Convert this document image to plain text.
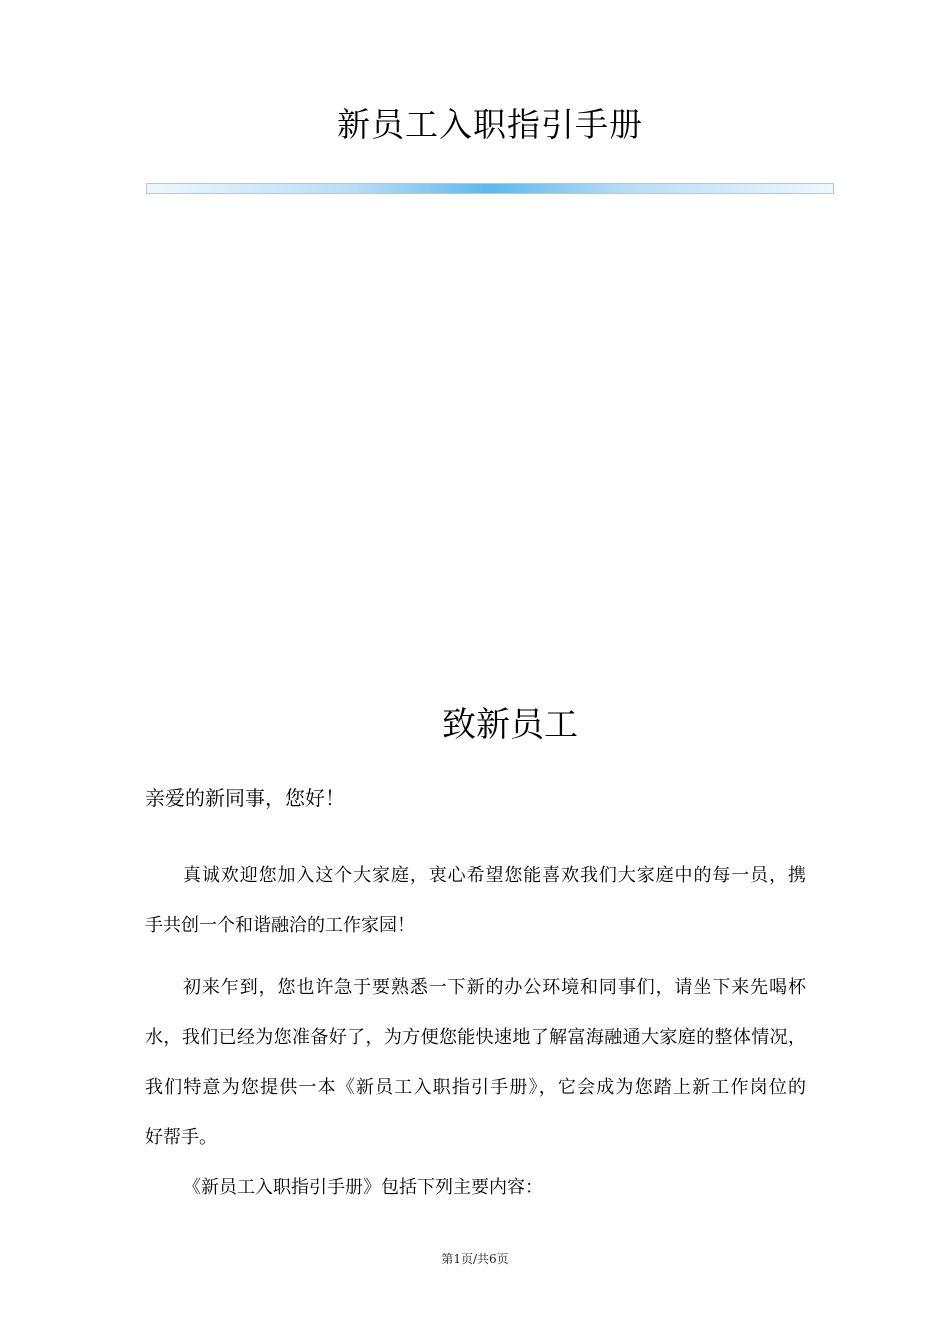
新员工入职指引手册
致新员工

亲爱的新同事，您好！

真诚欢迎您加入这个大家庭，衷心希望您能喜欢我们大家庭中的每一员，携

手共创一个和谐融洽的工作家园！

初来乍到，您也许急于要熟悉一下新的办公环境和同事们，请坐下来先喝杯

水，我们已经为您准备好了，为方便您能快速地了解富海融通大家庭的整体情况，

我们特意为您提供一本《新员工入职指引手册》，它会成为您踏上新工作岗位的

好帮手。

《新员工入职指引手册》包括下列主要内容：

第1页/共6页
